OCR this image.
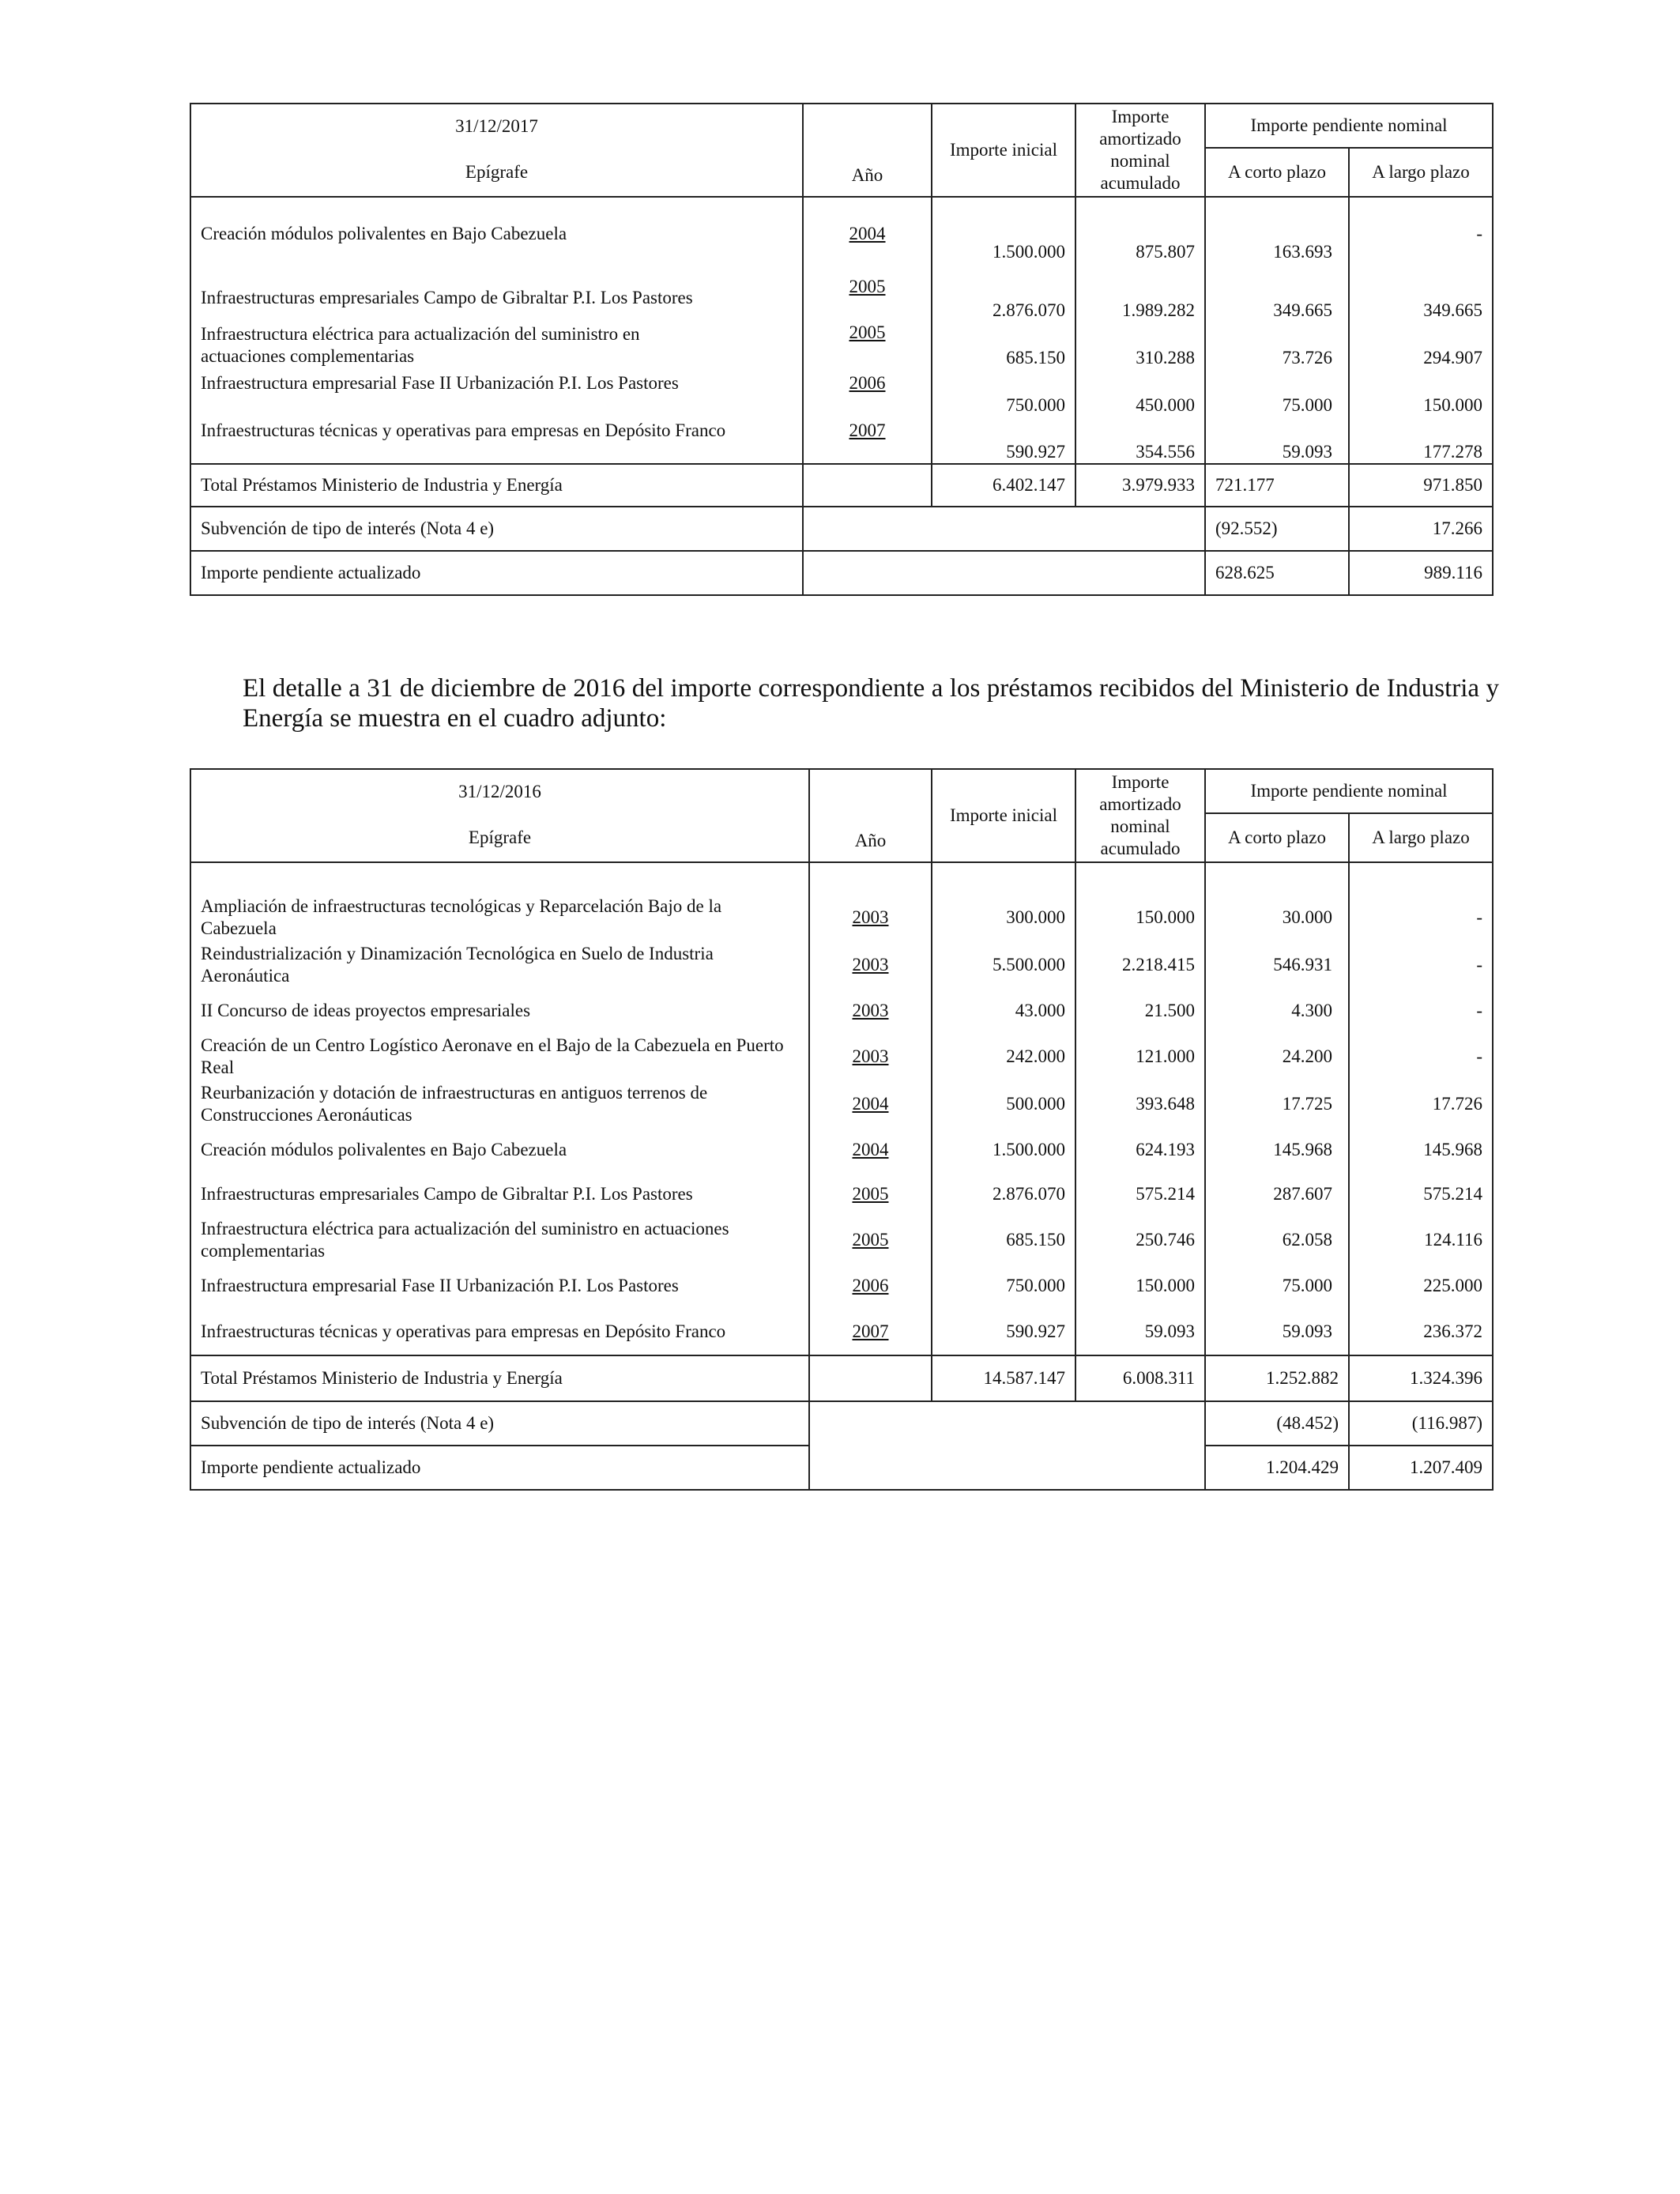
31/12/2017	Año	Importe inicial	Importe amortizado nominal acumulado	Importe pendiente nominal	
Epígrafe				A corto plazo	A largo plazo
Creación módulos polivalentes en Bajo Cabezuela	2004	1.500.000	875.807	163.693	-
Infraestructuras empresariales Campo de Gibraltar P.I. Los Pastores	2005	2.876.070	1.989.282	349.665	349.665
Infraestructura eléctrica para actualización del suministro en actuaciones complementarias	2005	685.150	310.288	73.726	294.907
Infraestructura empresarial Fase II Urbanización P.I. Los Pastores	2006	750.000	450.000	75.000	150.000
Infraestructuras técnicas y operativas para empresas en Depósito Franco	2007	590.927	354.556	59.093	177.278
Total Préstamos Ministerio de Industria y Energía		6.402.147	3.979.933	721.177	971.850
Subvención de tipo de interés (Nota 4 e)				(92.552)	17.266
Importe pendiente actualizado				628.625	989.116

El detalle a 31 de diciembre de 2016 del importe correspondiente a los préstamos recibidos del Ministerio de Industria y Energía se muestra en el cuadro adjunto:

31/12/2016	Año	Importe inicial	Importe amortizado nominal acumulado	Importe pendiente nominal	
Epígrafe				A corto plazo	A largo plazo

Ampliación de infraestructuras tecnológicas y Reparcelación Bajo de la Cabezuela	2003	300.000	150.000	30.000	-
Reindustrialización y Dinamización Tecnológica en Suelo de Industria Aeronáutica	2003	5.500.000	2.218.415	546.931	-
II Concurso de ideas proyectos empresariales	2003	43.000	21.500	4.300	-
Creación de un Centro Logístico Aeronave en el Bajo de la Cabezuela en Puerto Real	2003	242.000	121.000	24.200	-
Reurbanización y dotación de infraestructuras en antiguos terrenos de Construcciones Aeronáuticas	2004	500.000	393.648	17.725	17.726
Creación módulos polivalentes en Bajo Cabezuela	2004	1.500.000	624.193	145.968	145.968
Infraestructuras empresariales Campo de Gibraltar P.I. Los Pastores	2005	2.876.070	575.214	287.607	575.214
Infraestructura eléctrica para actualización del suministro en actuaciones complementarias	2005	685.150	250.746	62.058	124.116
Infraestructura empresarial Fase II Urbanización P.I. Los Pastores	2006	750.000	150.000	75.000	225.000
Infraestructuras técnicas y operativas para empresas en Depósito Franco	2007	590.927	59.093	59.093	236.372
Total Préstamos Ministerio de Industria y Energía		14.587.147	6.008.311	1.252.882	1.324.396
Subvención de tipo de interés (Nota 4 e)				(48.452)	(116.987)
Importe pendiente actualizado				1.204.429	1.207.409
